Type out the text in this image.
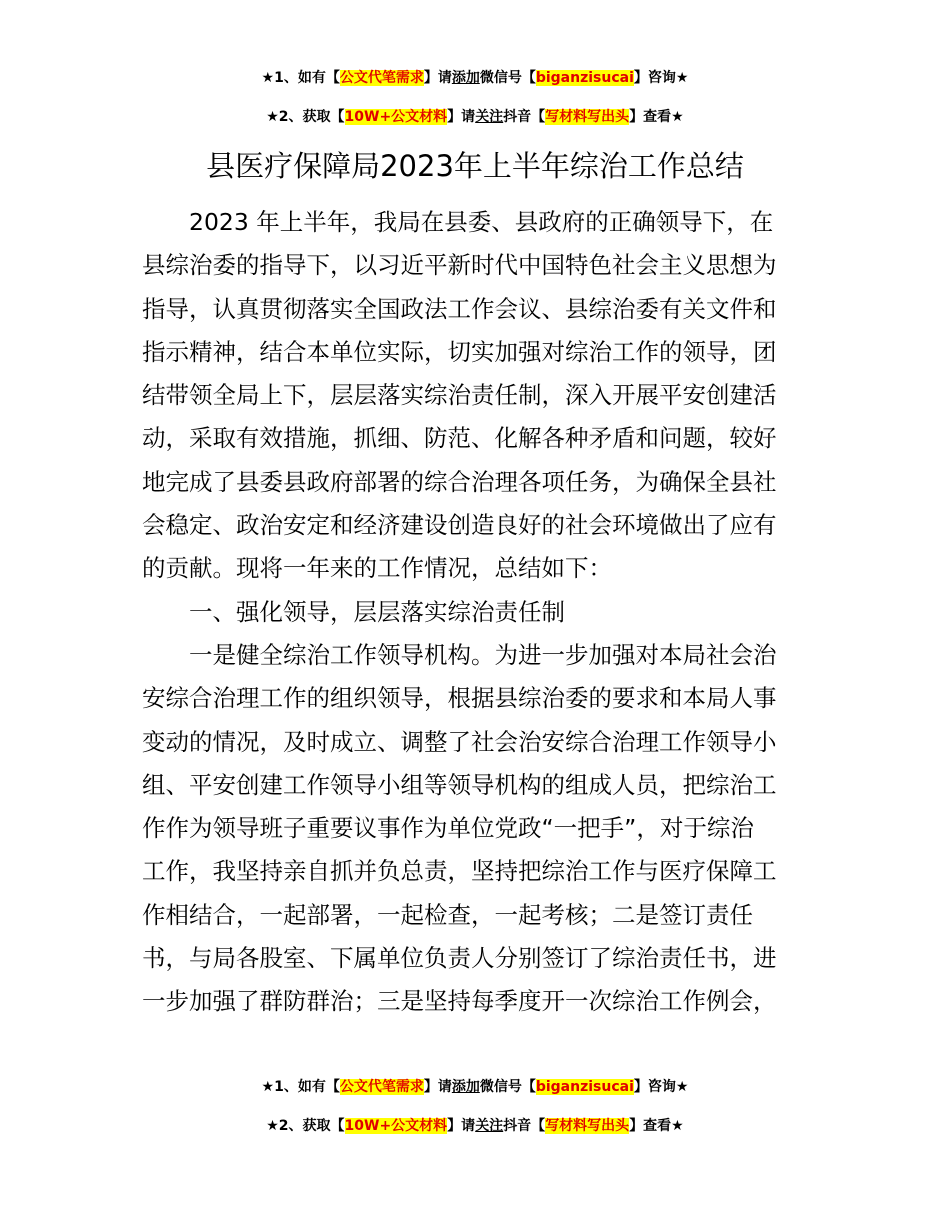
★1、如有【公文代笔需求】请添加微信号【biganzisucai】咨询★
★2、获取【10W+公文材料】请关注抖音【写材料写出头】查看★
县医疗保障局2023年上半年综治工作总结
2023 年上半年，我局在县委、县政府的正确领导下，在
县综治委的指导下，以习近平新时代中国特色社会主义思想为
指导，认真贯彻落实全国政法工作会议、县综治委有关文件和
指示精神，结合本单位实际，切实加强对综治工作的领导，团
结带领全局上下，层层落实综治责任制，深入开展平安创建活
动，采取有效措施，抓细、防范、化解各种矛盾和问题，较好
地完成了县委县政府部署的综合治理各项任务，为确保全县社
会稳定、政治安定和经济建设创造良好的社会环境做出了应有
的贡献。现将一年来的工作情况，总结如下：
一、强化领导，层层落实综治责任制
一是健全综治工作领导机构。为进一步加强对本局社会治
安综合治理工作的组织领导，根据县综治委的要求和本局人事
变动的情况，及时成立、调整了社会治安综合治理工作领导小
组、平安创建工作领导小组等领导机构的组成人员，把综治工
作作为领导班子重要议事作为单位党政“一把手”，对于综治
工作，我坚持亲自抓并负总责，坚持把综治工作与医疗保障工
作相结合，一起部署，一起检查，一起考核；二是签订责任
书，与局各股室、下属单位负责人分别签订了综治责任书，进
一步加强了群防群治；三是坚持每季度开一次综治工作例会，
★1、如有【公文代笔需求】请添加微信号【biganzisucai】咨询★
★2、获取【10W+公文材料】请关注抖音【写材料写出头】查看★
